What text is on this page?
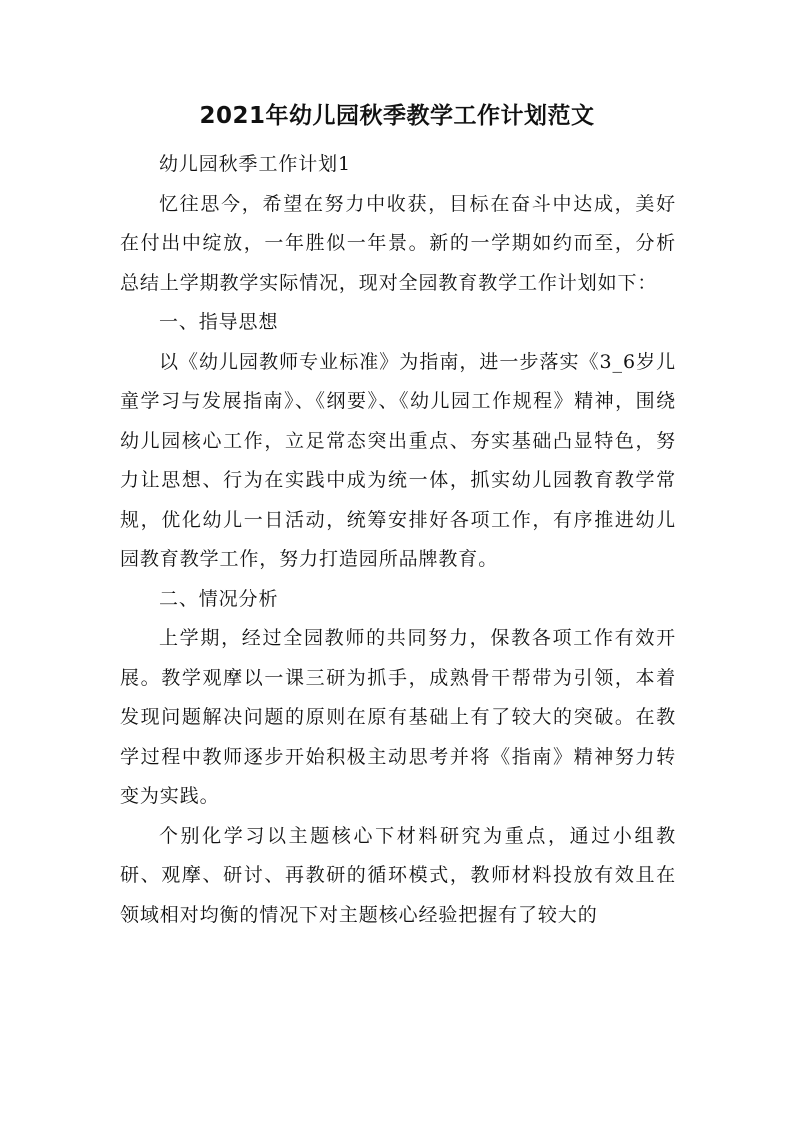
2021年幼儿园秋季教学工作计划范文

幼儿园秋季工作计划1

忆往思今，希望在努力中收获，目标在奋斗中达成，美好在付出中绽放，一年胜似一年景。新的一学期如约而至，分析总结上学期教学实际情况，现对全园教育教学工作计划如下：

一、指导思想

以《幼儿园教师专业标准》为指南，进一步落实《3_6岁儿童学习与发展指南》、《纲要》、《幼儿园工作规程》精神，围绕幼儿园核心工作，立足常态突出重点、夯实基础凸显特色，努力让思想、行为在实践中成为统一体，抓实幼儿园教育教学常规，优化幼儿一日活动，统筹安排好各项工作，有序推进幼儿园教育教学工作，努力打造园所品牌教育。

二、情况分析

上学期，经过全园教师的共同努力，保教各项工作有效开展。教学观摩以一课三研为抓手，成熟骨干帮带为引领，本着发现问题解决问题的原则在原有基础上有了较大的突破。在教学过程中教师逐步开始积极主动思考并将《指南》精神努力转变为实践。

个别化学习以主题核心下材料研究为重点，通过小组教研、观摩、研讨、再教研的循环模式，教师材料投放有效且在领域相对均衡的情况下对主题核心经验把握有了较大的
